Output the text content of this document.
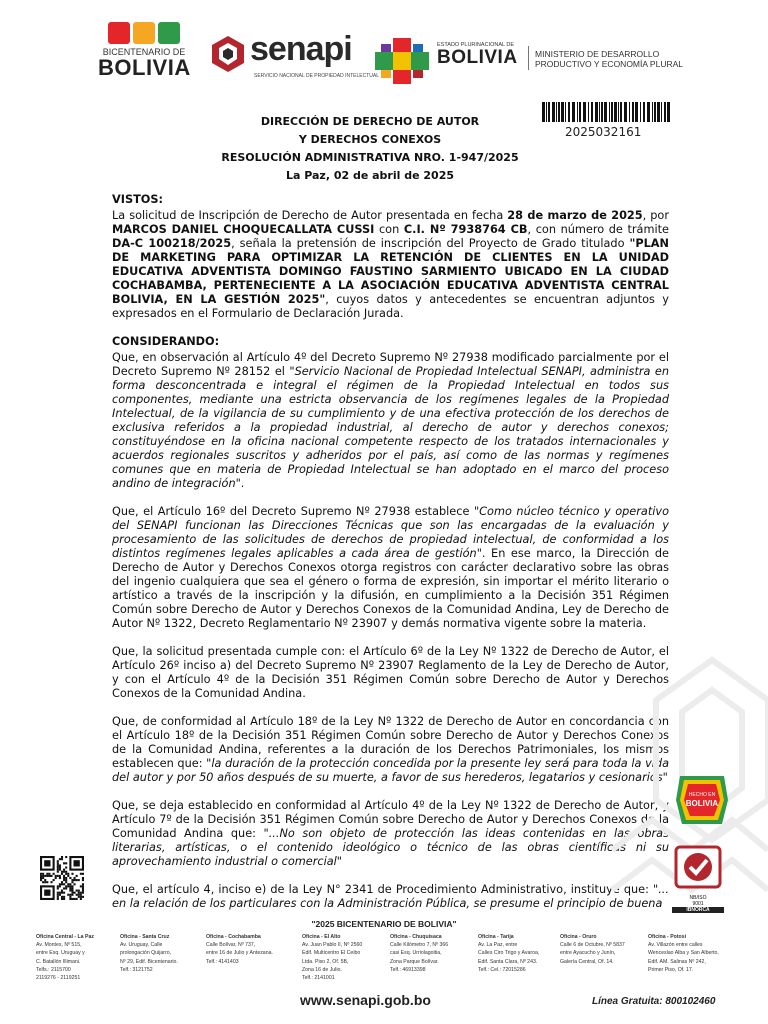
BICENTENARIO DE
BOLIVIA senapi
SERVICIO NACIONAL DE PROPIEDAD INTELECTUAL
ESTADO PLURINACIONAL DE
BOLIVIA MINISTERIO DE DESARROLLO
PRODUCTIVO Y ECONOMÍA PLURAL
2025032161
DIRECCIÓN DE DERECHO DE AUTOR
Y DERECHOS CONEXOS
RESOLUCIÓN ADMINISTRATIVA NRO. 1-947/2025
La Paz, 02 de abril de 2025
VISTOS:

La solicitud de Inscripción de Derecho de Autor presentada en fecha 28 de marzo de 2025, por MARCOS DANIEL CHOQUECALLATA CUSSI con C.I. Nº 7938764 CB, con número de trámite DA-C 100218/2025, señala la pretensión de inscripción del Proyecto de Grado titulado "PLAN DE MARKETING PARA OPTIMIZAR LA RETENCIÓN DE CLIENTES EN LA UNIDAD EDUCATIVA ADVENTISTA DOMINGO FAUSTINO SARMIENTO UBICADO EN LA CIUDAD COCHABAMBA, PERTENECIENTE A LA ASOCIACIÓN EDUCATIVA ADVENTISTA CENTRAL BOLIVIA, EN LA GESTIÓN 2025", cuyos datos y antecedentes se encuentran adjuntos y expresados en el Formulario de Declaración Jurada.

CONSIDERANDO:

Que, en observación al Artículo 4º del Decreto Supremo Nº 27938 modificado parcialmente por el Decreto Supremo Nº 28152 el "Servicio Nacional de Propiedad Intelectual SENAPI, administra en forma desconcentrada e integral el régimen de la Propiedad Intelectual en todos sus componentes, mediante una estricta observancia de los regímenes legales de la Propiedad Intelectual, de la vigilancia de su cumplimiento y de una efectiva protección de los derechos de exclusiva referidos a la propiedad industrial, al derecho de autor y derechos conexos; constituyéndose en la oficina nacional competente respecto de los tratados internacionales y acuerdos regionales suscritos y adheridos por el país, así como de las normas y regímenes comunes que en materia de Propiedad Intelectual se han adoptado en el marco del proceso andino de integración".

Que, el Artículo 16º del Decreto Supremo Nº 27938 establece "Como núcleo técnico y operativo del SENAPI funcionan las Direcciones Técnicas que son las encargadas de la evaluación y procesamiento de las solicitudes de derechos de propiedad intelectual, de conformidad a los distintos regímenes legales aplicables a cada área de gestión". En ese marco, la Dirección de Derecho de Autor y Derechos Conexos otorga registros con carácter declarativo sobre las obras del ingenio cualquiera que sea el género o forma de expresión, sin importar el mérito literario o artístico a través de la inscripción y la difusión, en cumplimiento a la Decisión 351 Régimen Común sobre Derecho de Autor y Derechos Conexos de la Comunidad Andina, Ley de Derecho de Autor Nº 1322, Decreto Reglamentario Nº 23907 y demás normativa vigente sobre la materia.

Que, la solicitud presentada cumple con: el Artículo 6º de la Ley Nº 1322 de Derecho de Autor, el Artículo 26º inciso a) del Decreto Supremo Nº 23907 Reglamento de la Ley de Derecho de Autor, y con el Artículo 4º de la Decisión 351 Régimen Común sobre Derecho de Autor y Derechos Conexos de la Comunidad Andina.

Que, de conformidad al Artículo 18º de la Ley Nº 1322 de Derecho de Autor en concordancia con el Artículo 18º de la Decisión 351 Régimen Común sobre Derecho de Autor y Derechos Conexos de la Comunidad Andina, referentes a la duración de los Derechos Patrimoniales, los mismos establecen que: "la duración de la protección concedida por la presente ley será para toda la vida del autor y por 50 años después de su muerte, a favor de sus herederos, legatarios y cesionarios"

Que, se deja establecido en conformidad al Artículo 4º de la Ley Nº 1322 de Derecho de Autor, y Artículo 7º de la Decisión 351 Régimen Común sobre Derecho de Autor y Derechos Conexos de la Comunidad Andina que: "...No son objeto de protección las ideas contenidas en las obras literarias, artísticas, o el contenido ideológico o técnico de las obras científicas ni su aprovechamiento industrial o comercial"

Que, el artículo 4, inciso e) de la Ley N° 2341 de Procedimiento Administrativo, instituye que: "... en la relación de los particulares con la Administración Pública, se presume el principio de buena

HECHO EN
BOLIVIA
NB/ISO
9001
IBNORCA
"2025 BICENTENARIO DE BOLIVIA"
Oficina Central - La Paz
Av. Montes, Nº 515,
entre Esq. Uruguay y
C. Batallón Illimani.
Telfs.: 2115700
2119276 - 2119251
Oficina - Santa Cruz
Av. Uruguay, Calle
prolongación Quijarro,
Nº 29, Edif. Bicentenario.
Telf.: 3121752
Oficina - Cochabamba
Calle Bolívar, Nº 737,
entre 16 de Julio y Antezana.
Telf.: 4141403
Oficina - El Alto
Av. Juan Pablo II, Nº 2560
Edif. Multicentro El Ceibo
Ltda. Piso 2, Of. 5B,
Zona 16 de Julio.
Telf.: 2141001
Oficina - Chuquisaca
Calle Kilómetro 7, Nº 366
casi Esq. Urriolagoitia,
Zona Parque Bolívar.
Telf.: 46913398
Oficina - Tarija
Av. La Paz, entre
Calles Ciro Trigo y Avaroa,
Edif. Santa Clara, Nº 243.
Telf.: Cel.: 72015286
Oficina - Oruro
Calle 6 de Octubre, Nº 5837
entre Ayacucho y Junín,
Galería Central, Of. 14.
Oficina - Potosí
Av. Villazón entre calles
Wenceslao Alba y San Alberto,
Edif. AM. Salinas Nº 242,
Primer Piso, Of. 17.
www.senapi.gob.bo	Línea Gratuita: 800102460
